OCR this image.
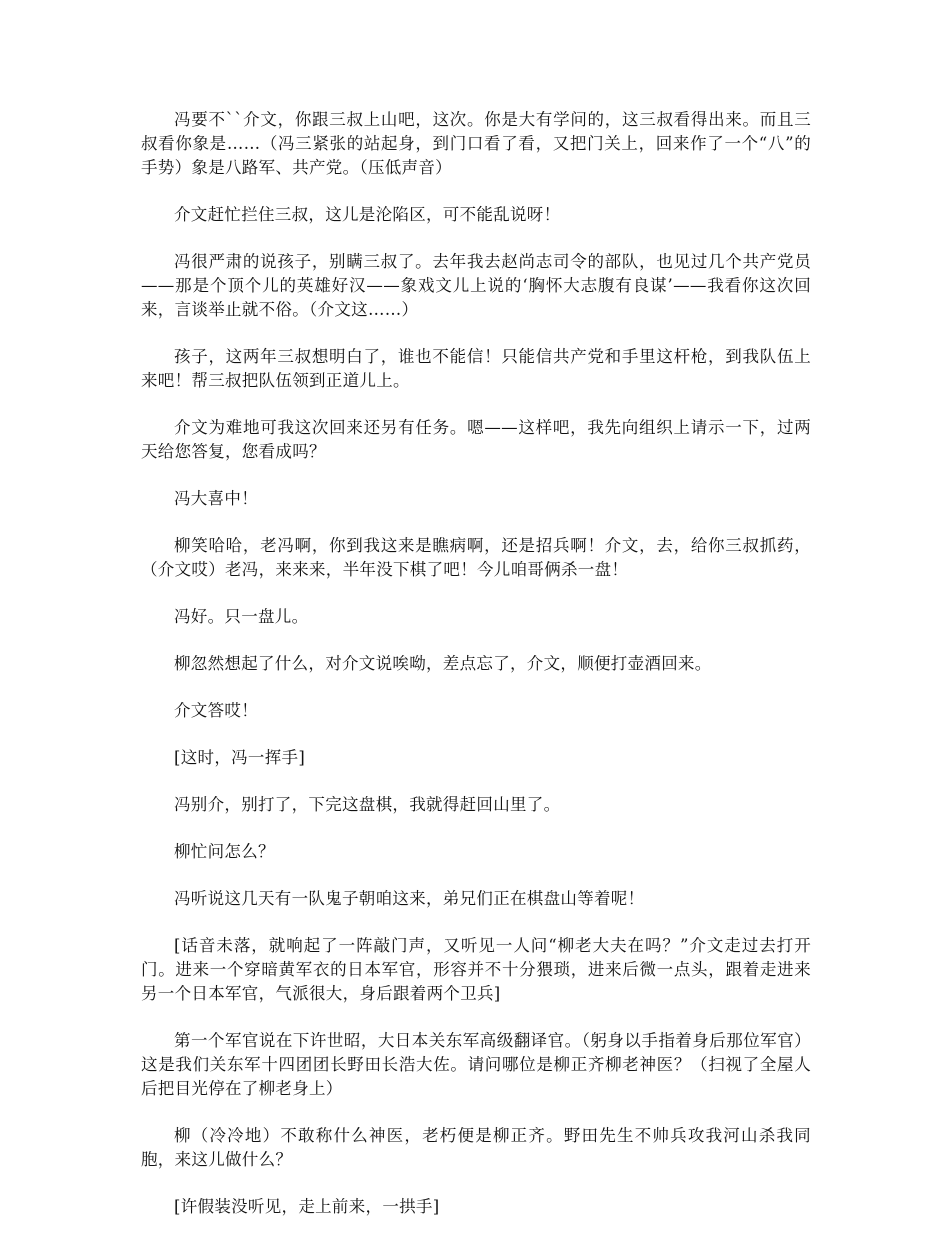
冯要不``介文，你跟三叔上山吧，这次。你是大有学问的，这三叔看得出来。而且三叔看你象是……（冯三紧张的站起身，到门口看了看，又把门关上，回来作了一个“八”的手势）象是八路军、共产党。（压低声音）

介文赶忙拦住三叔，这儿是沦陷区，可不能乱说呀！

冯很严肃的说孩子，别瞒三叔了。去年我去赵尚志司令的部队，也见过几个共产党员——那是个顶个儿的英雄好汉——象戏文儿上说的‘胸怀大志腹有良谋’——我看你这次回来，言谈举止就不俗。（介文这……）

孩子，这两年三叔想明白了，谁也不能信！只能信共产党和手里这杆枪，到我队伍上来吧！帮三叔把队伍领到正道儿上。

介文为难地可我这次回来还另有任务。嗯——这样吧，我先向组织上请示一下，过两天给您答复，您看成吗？

冯大喜中！

柳笑哈哈，老冯啊，你到我这来是瞧病啊，还是招兵啊！介文，去，给你三叔抓药，（介文哎）老冯，来来来，半年没下棋了吧！今儿咱哥俩杀一盘！

冯好。只一盘儿。

柳忽然想起了什么，对介文说唉呦，差点忘了，介文，顺便打壶酒回来。

介文答哎！

[这时，冯一挥手]

冯别介，别打了，下完这盘棋，我就得赶回山里了。

柳忙问怎么？

冯听说这几天有一队鬼子朝咱这来，弟兄们正在棋盘山等着呢！

[话音未落，就响起了一阵敲门声，又听见一人问“柳老大夫在吗？”介文走过去打开门。进来一个穿暗黄军衣的日本军官，形容并不十分猥琐，进来后微一点头，跟着走进来另一个日本军官，气派很大，身后跟着两个卫兵]

第一个军官说在下许世昭，大日本关东军高级翻译官。（躬身以手指着身后那位军官）这是我们关东军十四团团长野田长浩大佐。请问哪位是柳正齐柳老神医？（扫视了全屋人后把目光停在了柳老身上）

柳（冷冷地）不敢称什么神医，老朽便是柳正齐。野田先生不帅兵攻我河山杀我同胞，来这儿做什么？

[许假装没听见，走上前来，一拱手]
